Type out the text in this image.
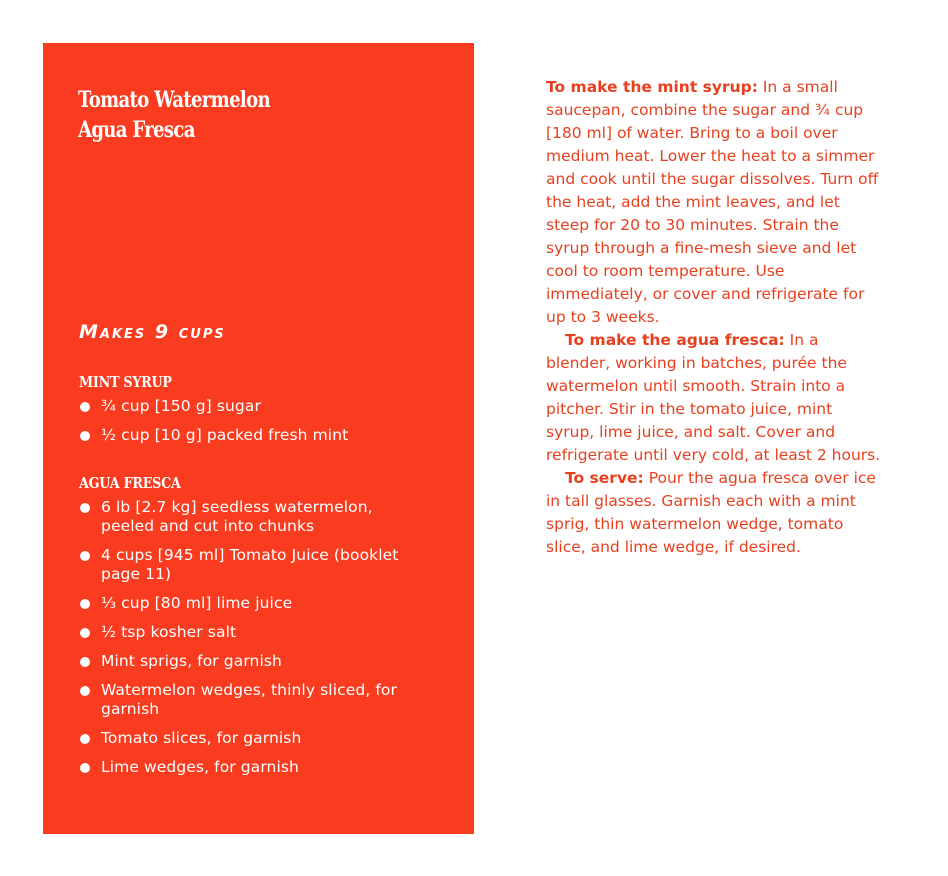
Tomato Watermelon
Agua Fresca

Makes 9 cups

MINT SYRUP
¾ cup [150 g] sugar
½ cup [10 g] packed fresh mint
AGUA FRESCA
6 lb [2.7 kg] seedless watermelon, peeled and cut into chunks
4 cups [945 ml] Tomato Juice (booklet page 11)
⅓ cup [80 ml] lime juice
½ tsp kosher salt
Mint sprigs, for garnish
Watermelon wedges, thinly sliced, for garnish
Tomato slices, for garnish
Lime wedges, for garnish

To make the mint syrup: In a small saucepan, combine the sugar and ¾ cup [180 ml] of water. Bring to a boil over medium heat. Lower the heat to a simmer and cook until the sugar dissolves. Turn off the heat, add the mint leaves, and let steep for 20 to 30 minutes. Strain the syrup through a fine-mesh sieve and let cool to room temperature. Use immediately, or cover and refrigerate for up to 3 weeks.

To make the agua fresca: In a blender, working in batches, purée the watermelon until smooth. Strain into a pitcher. Stir in the tomato juice, mint syrup, lime juice, and salt. Cover and refrigerate until very cold, at least 2 hours.

To serve: Pour the agua fresca over ice in tall glasses. Garnish each with a mint sprig, thin watermelon wedge, tomato slice, and lime wedge, if desired.
